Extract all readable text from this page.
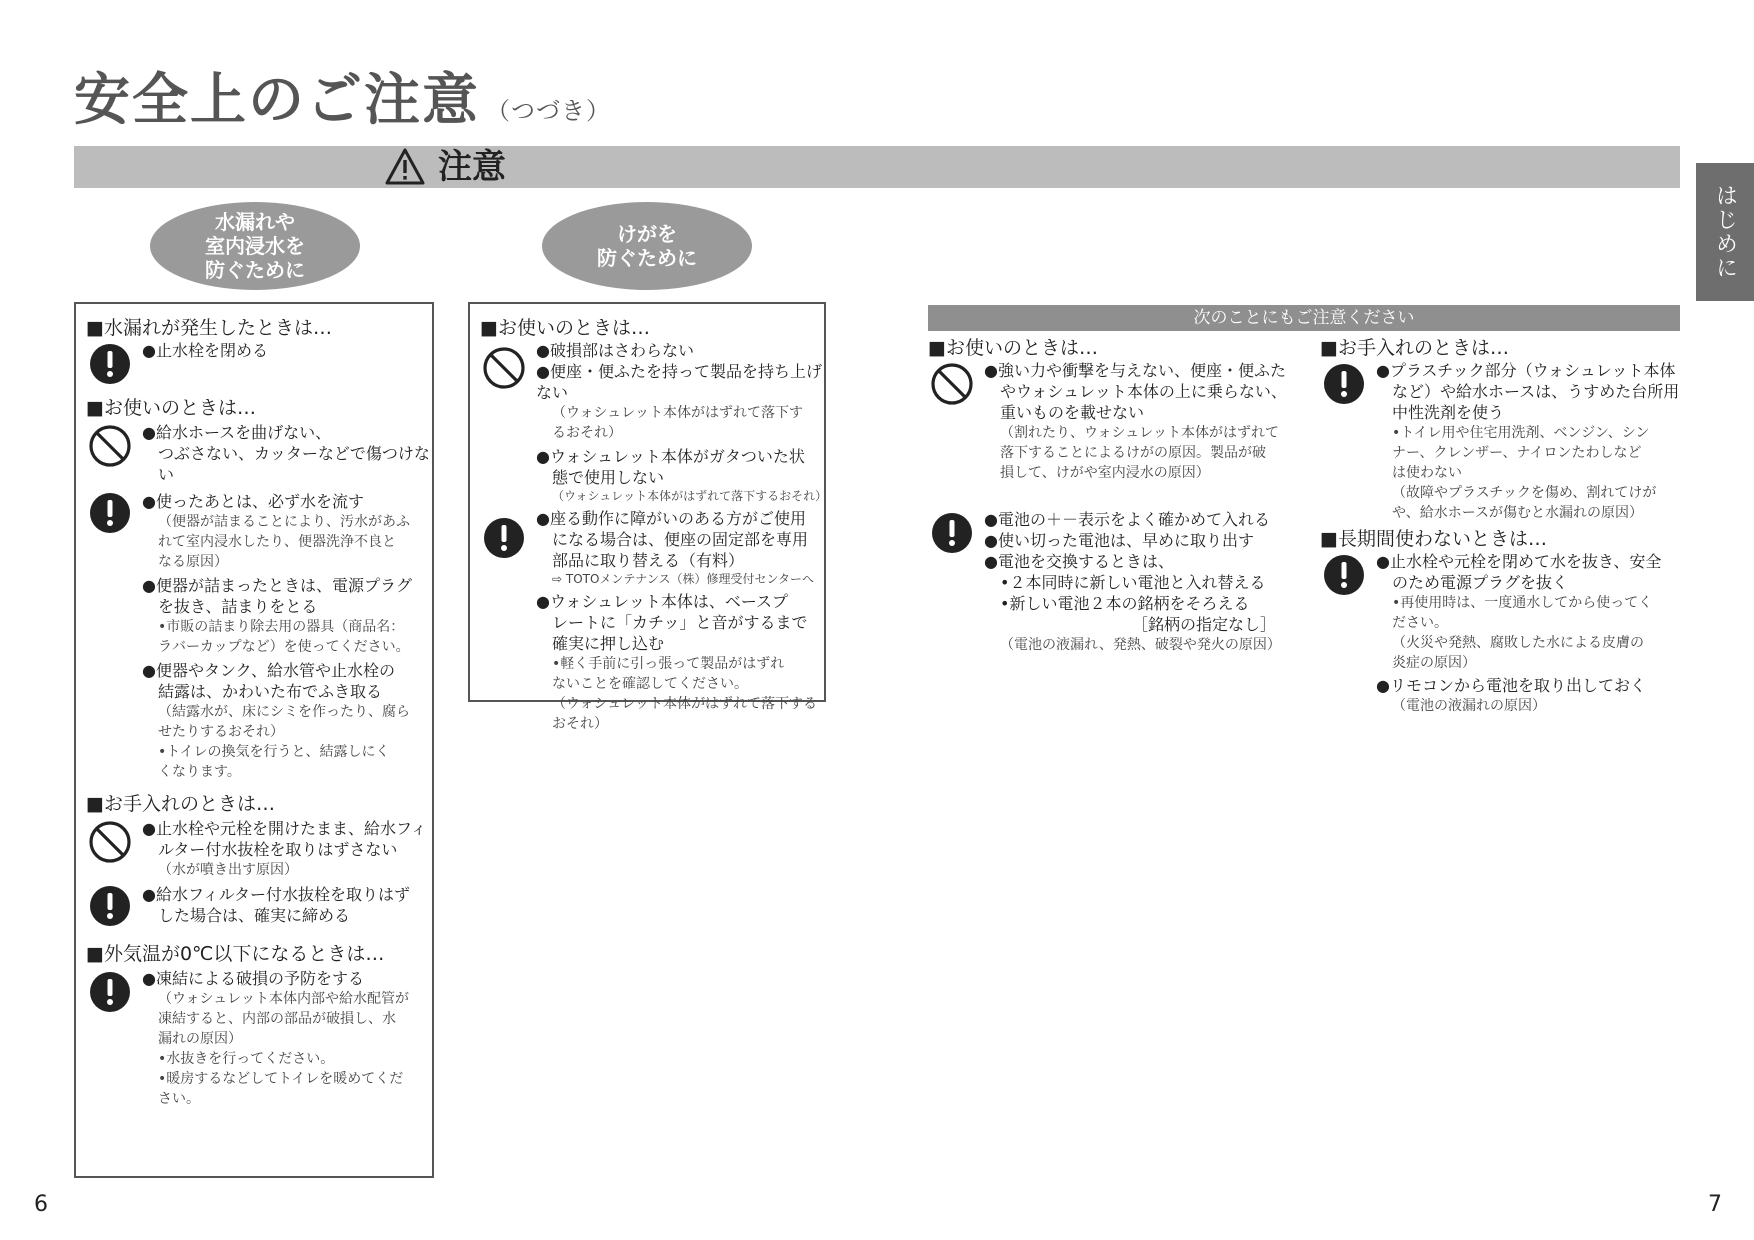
安全上のご注意 （つづき）
注意
はじめに
水漏れや
室内浸水を
防ぐために
けがを
防ぐために
次のことにもご注意ください
■水漏れが発生したときは…
●止水栓を閉める
■お使いのときは…
●給水ホースを曲げない、
つぶさない、カッターなどで傷つけない
●使ったあとは、必ず水を流す
（便器が詰まることにより、汚水があふ
れて室内浸水したり、便器洗浄不良と
なる原因）
●便器が詰まったときは、電源プラグ
を抜き、詰まりをとる
•市販の詰まり除去用の器具（商品名：
ラバーカップなど）を使ってください。
●便器やタンク、給水管や止水栓の
結露は、かわいた布でふき取る
（結露水が、床にシミを作ったり、腐ら
せたりするおそれ）
•トイレの換気を行うと、結露しにく
くなります。
■お手入れのときは…
●止水栓や元栓を開けたまま、給水フィ
ルター付水抜栓を取りはずさない
（水が噴き出す原因）
●給水フィルター付水抜栓を取りはず
した場合は、確実に締める
■外気温が0℃以下になるときは…
●凍結による破損の予防をする
（ウォシュレット本体内部や給水配管が
凍結すると、内部の部品が破損し、水
漏れの原因）
•水抜きを行ってください。
•暖房するなどしてトイレを暖めてくだ
さい。
■お使いのときは…
●破損部はさわらない
●便座・便ふたを持って製品を持ち上げない
（ウォシュレット本体がはずれて落下す
るおそれ）
●ウォシュレット本体がガタついた状
態で使用しない
（ウォシュレット本体がはずれて落下するおそれ）
●座る動作に障がいのある方がご使用
になる場合は、便座の固定部を専用
部品に取り替える（有料）
⇨ TOTOメンテナンス（株）修理受付センターへ
●ウォシュレット本体は、ベースプ
レートに「カチッ」と音がするまで
確実に押し込む
•軽く手前に引っ張って製品がはずれ
ないことを確認してください。
（ウォシュレット本体がはずれて落下する
おそれ）
■お使いのときは…
●強い力や衝撃を与えない、便座・便ふた
やウォシュレット本体の上に乗らない、
重いものを載せない
（割れたり、ウォシュレット本体がはずれて
落下することによるけがの原因。製品が破
損して、けがや室内浸水の原因）
●電池の＋－表示をよく確かめて入れる
●使い切った電池は、早めに取り出す
●電池を交換するときは、
•２本同時に新しい電池と入れ替える
•新しい電池２本の銘柄をそろえる
［銘柄の指定なし］
（電池の液漏れ、発熱、破裂や発火の原因）
■お手入れのときは…
●プラスチック部分（ウォシュレット本体
など）や給水ホースは、うすめた台所用
中性洗剤を使う
•トイレ用や住宅用洗剤、ベンジン、シン
ナー、クレンザー、ナイロンたわしなど
は使わない
（故障やプラスチックを傷め、割れてけが
や、給水ホースが傷むと水漏れの原因）
■長期間使わないときは…
●止水栓や元栓を閉めて水を抜き、安全
のため電源プラグを抜く
•再使用時は、一度通水してから使ってく
ださい。
（火災や発熱、腐敗した水による皮膚の
炎症の原因）
●リモコンから電池を取り出しておく
（電池の液漏れの原因）
6	7
